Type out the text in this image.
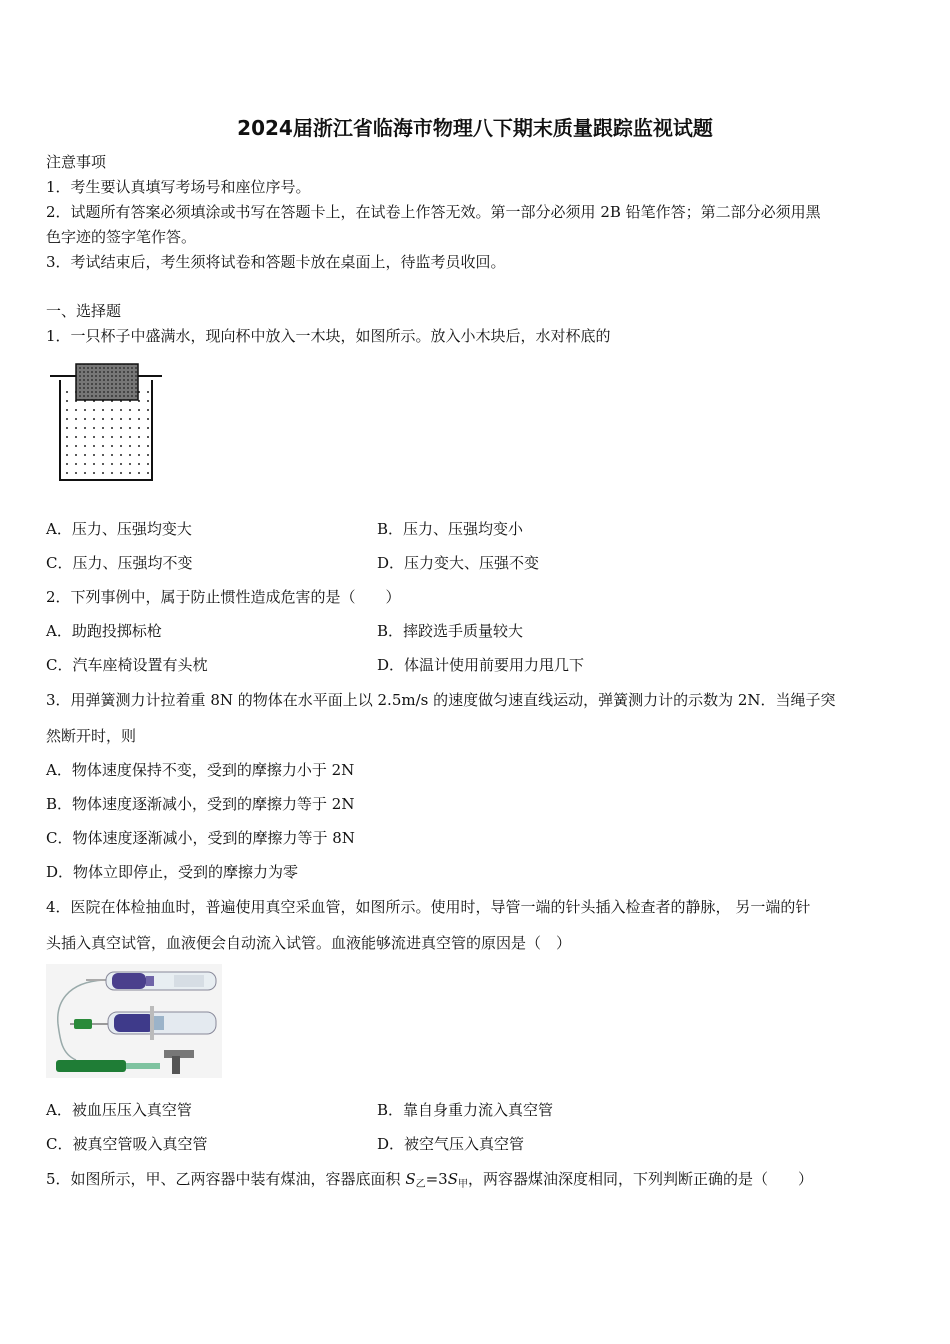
2024届浙江省临海市物理八下期末质量跟踪监视试题
注意事项
1．考生要认真填写考场号和座位序号。
2．试题所有答案必须填涂或书写在答题卡上，在试卷上作答无效。第一部分必须用 2B 铅笔作答；第二部分必须用黑
色字迹的签字笔作答。
3．考试结束后，考生须将试卷和答题卡放在桌面上，待监考员收回。
一、选择题
1．一只杯子中盛满水，现向杯中放入一木块，如图所示。放入小木块后，水对杯底的
A．压力、压强均变大	B．压力、压强均变小
C．压力、压强均不变	D．压力变大、压强不变
2．下列事例中，属于防止惯性造成危害的是（　　）
A．助跑投掷标枪	B．摔跤选手质量较大
C．汽车座椅设置有头枕	D．体温计使用前要用力甩几下
3．用弹簧测力计拉着重 8N 的物体在水平面上以 2.5m/s 的速度做匀速直线运动，弹簧测力计的示数为 2N．当绳子突
然断开时，则
A．物体速度保持不变，受到的摩擦力小于 2N
B．物体速度逐渐减小，受到的摩擦力等于 2N
C．物体速度逐渐减小，受到的摩擦力等于 8N
D．物体立即停止，受到的摩擦力为零
4．医院在体检抽血时，普遍使用真空采血管，如图所示。使用时，导管一端的针头插入检查者的静脉， 另一端的针
头插入真空试管，血液便会自动流入试管。血液能够流进真空管的原因是（　）
A．被血压压入真空管	B．靠自身重力流入真空管
C．被真空管吸入真空管	D．被空气压入真空管
5．如图所示，甲、乙两容器中装有煤油，容器底面积 $S_乙=3S_甲$，两容器煤油深度相同，下列判断正确的是（　　）
